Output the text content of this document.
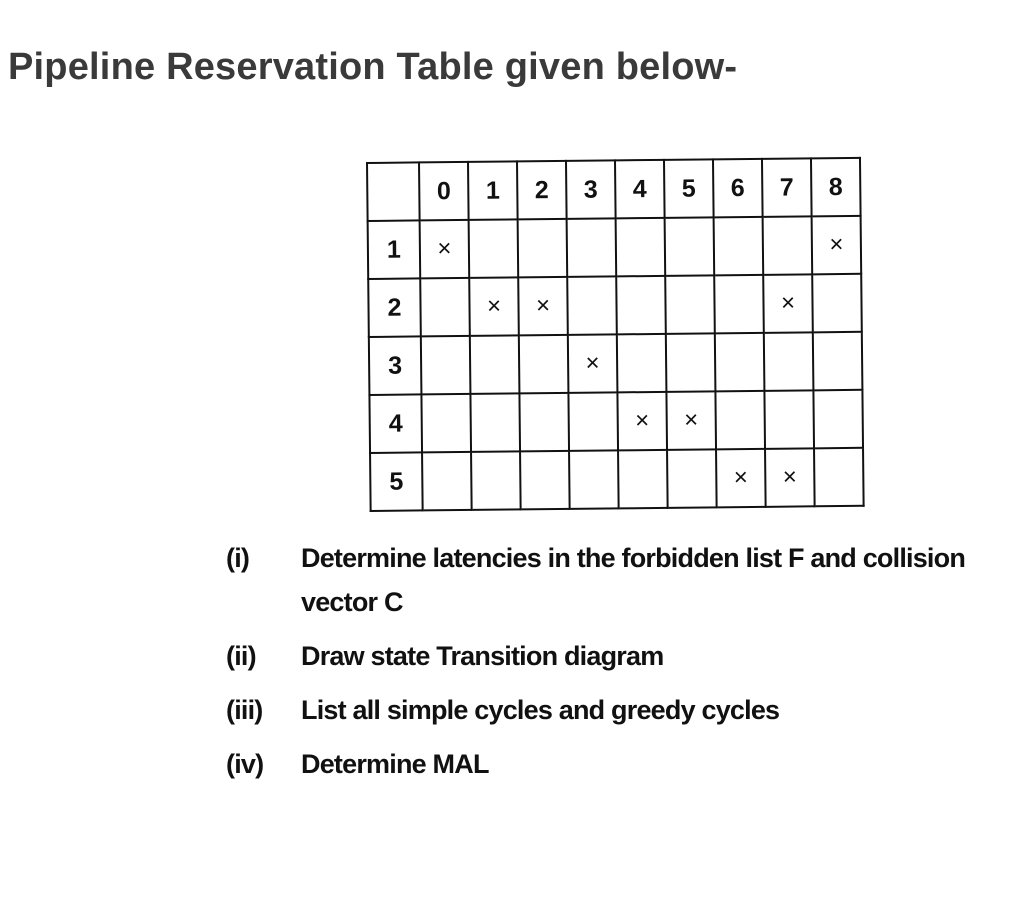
Pipeline Reservation Table given below-
	0	1	2	3	4	5	6	7	8
1	×								×
2		×	×					×	
3				×					
4					×	×			
5							×	×	
(i)	Determine latencies in the forbidden list F and collision vector C
(ii)	Draw state Transition diagram
(iii)	List all simple cycles and greedy cycles
(iv)	Determine MAL
